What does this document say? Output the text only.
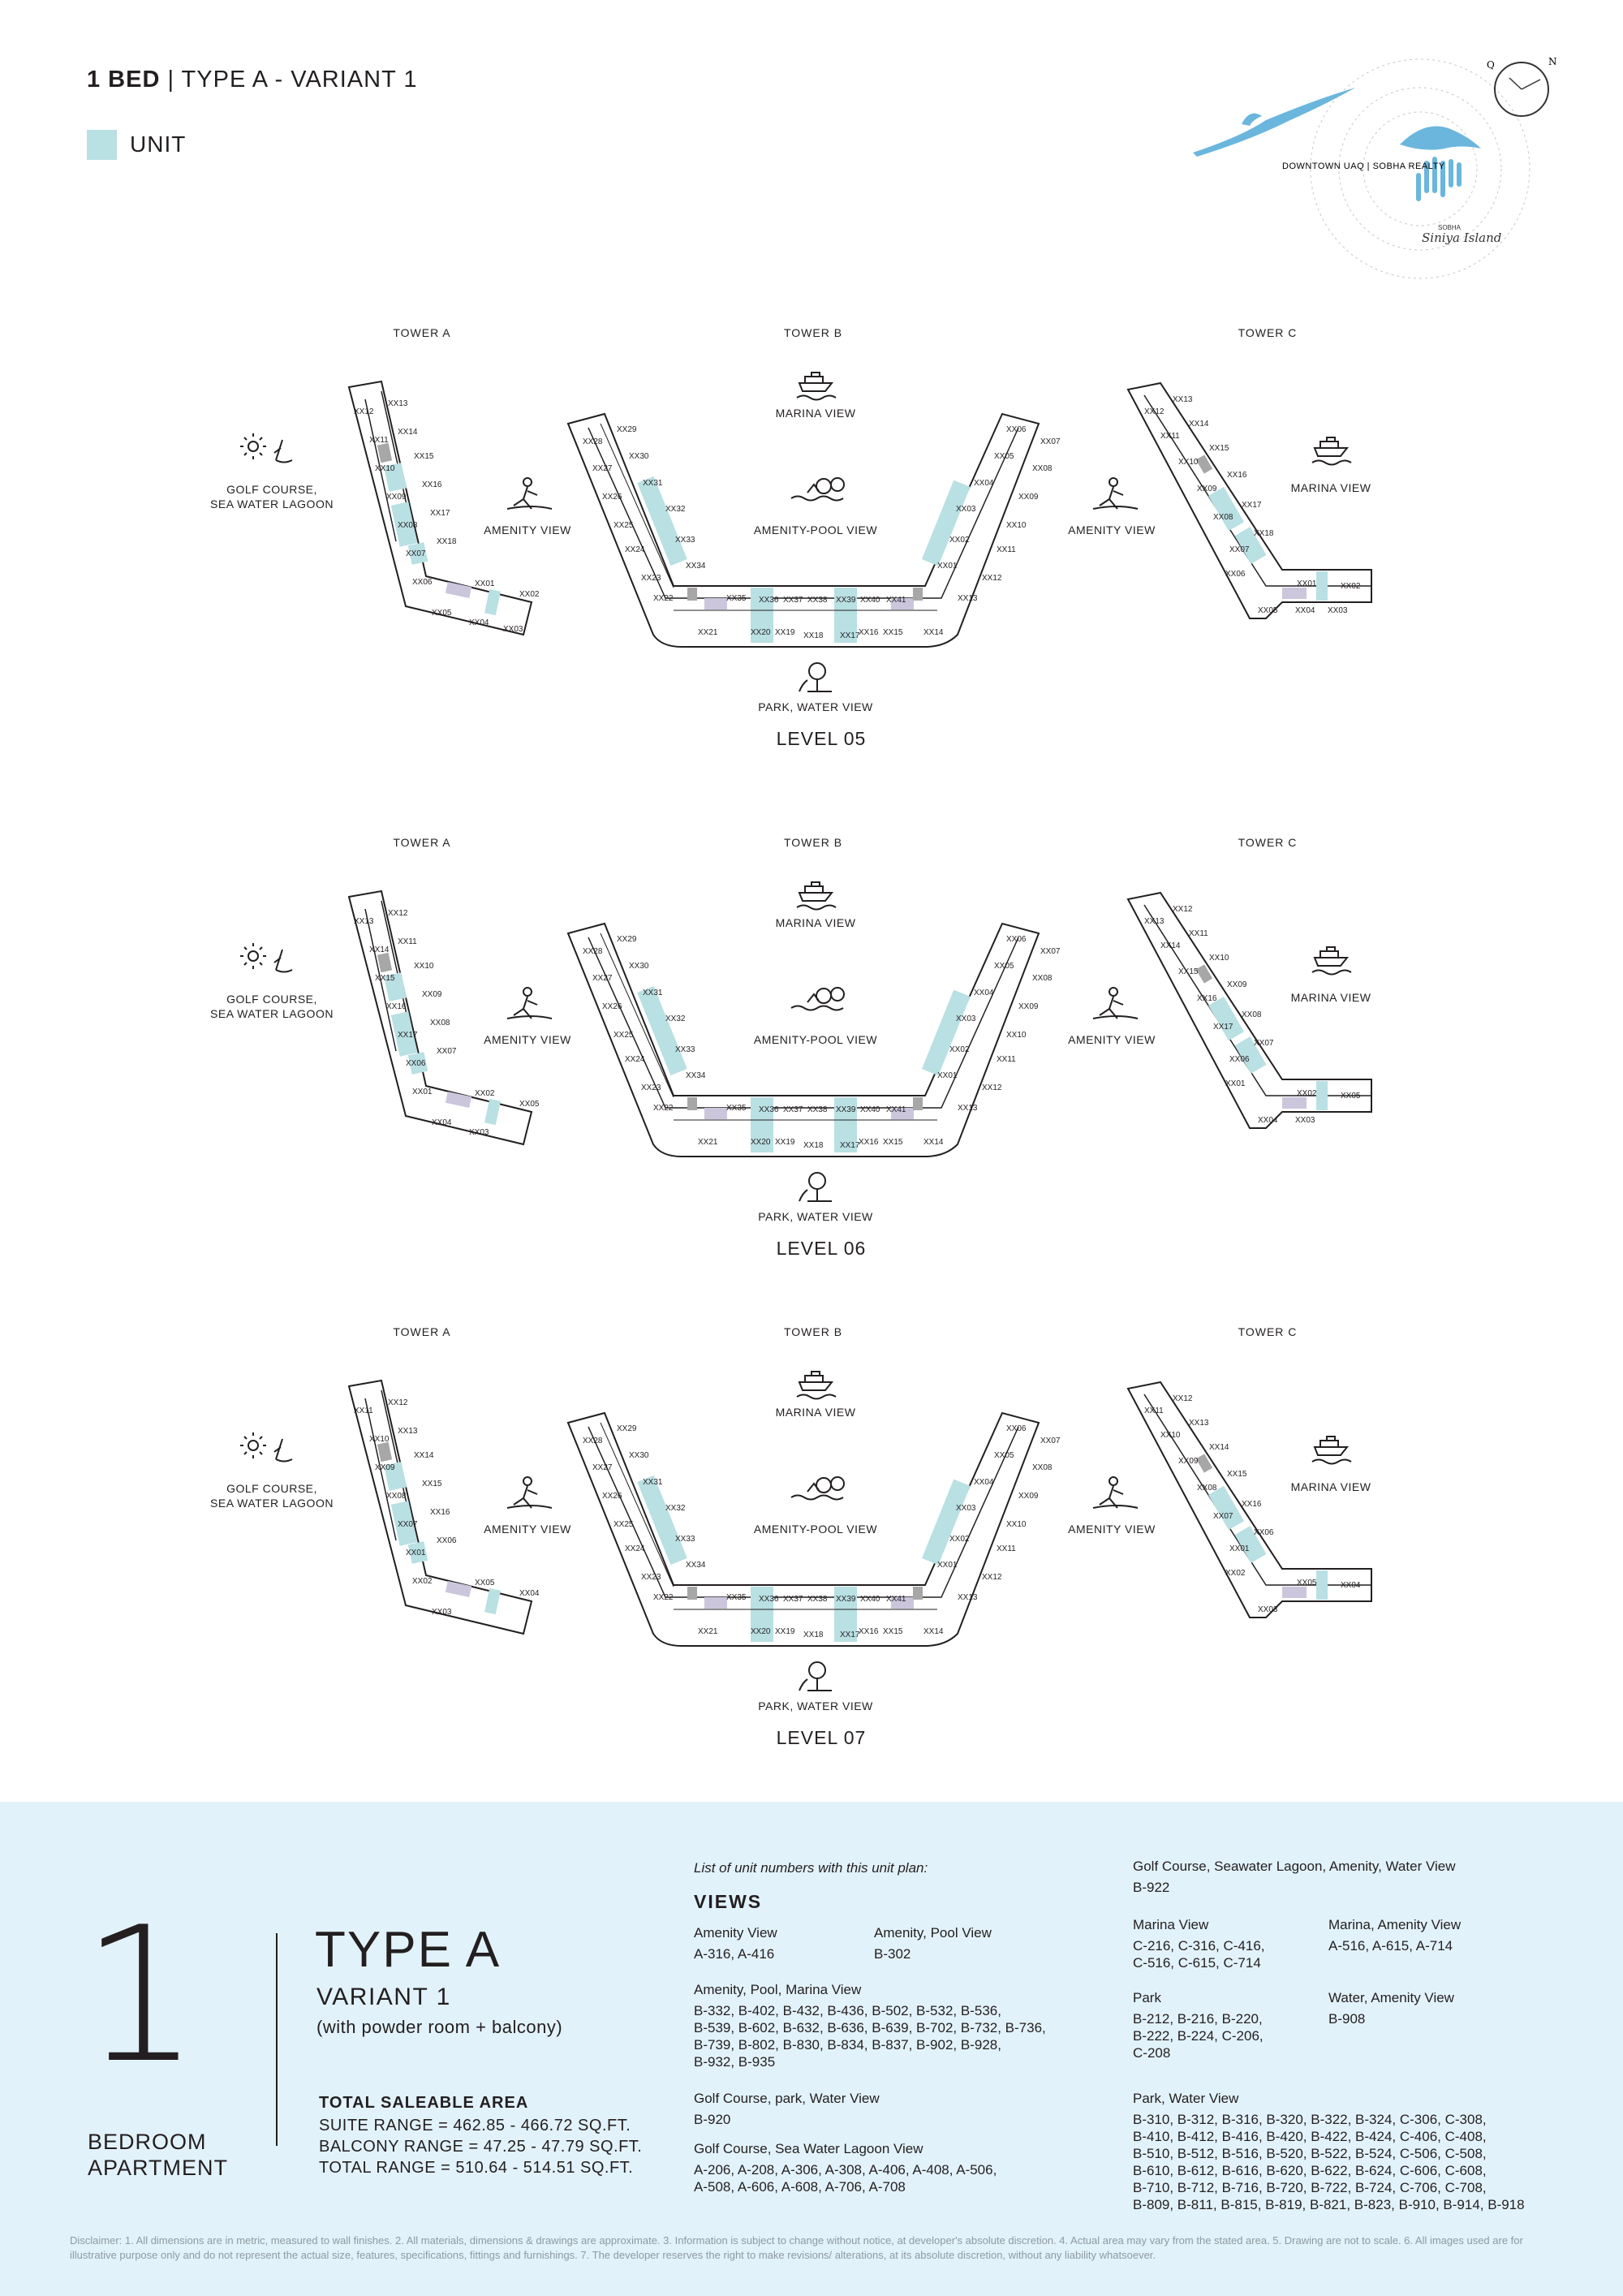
1 BED | TYPE A - VARIANT 1
UNIT
DOWNTOWN UAQ | SOBHA REALTY
SOBHA
Siniya Island
Q	N
TOWER A	TOWER B	TOWER C
GOLF COURSE,
SEA WATER LAGOON
AMENITY VIEW
MARINA VIEW
AMENITY-POOL VIEW	AMENITY VIEW
MARINA VIEW
PARK, WATER VIEW
LEVEL 05
XX13
XX12
XX14
XX11
XX15
XX10
XX16
XX09
XX17
XX08
XX18
XX07
XX06	XX01
XX02
XX05
XX04
XX03
XX29
XX28
XX30
XX27
XX31
XX26
XX32
XX25
XX33
XX24
XX34
XX23
XX22	XX35 XX36 XX37 XX38 XX39 XX40 XX41
XX21	XX20 XX19 XX18 XX17
XX16 XX15	XX14
XX06
XX07
XX05
XX08
XX04
XX09
XX03
XX10
XX02
XX11
XX01
XX12
XX13
XX13
XX12
XX14
XX11
XX15
XX10
XX16
XX09
XX17
XX08
XX18
XX07
XX06
XX01	XX02
XX05 XX04 XX03
TOWER A	TOWER B	TOWER C
GOLF COURSE,
SEA WATER LAGOON
AMENITY VIEW
MARINA VIEW
AMENITY-POOL VIEW	AMENITY VIEW
MARINA VIEW
PARK, WATER VIEW
LEVEL 06
XX12
XX13
XX11
XX14
XX10
XX15
XX09
XX16
XX08
XX17
XX07
XX06
XX01	XX02
XX05
XX04
XX03
XX29
XX28
XX30
XX27
XX31
XX26
XX32
XX25
XX33
XX24
XX34
XX23
XX22	XX35 XX36 XX37 XX38 XX39 XX40 XX41
XX21	XX20 XX19 XX18 XX17
XX16 XX15	XX14
XX06
XX07
XX05
XX08
XX04
XX09
XX03
XX10
XX02
XX11
XX01
XX12
XX13
XX12
XX13
XX11
XX14
XX10
XX15
XX09
XX16
XX08
XX17
XX07
XX06
XX01
XX02	XX05
XX04 XX03
TOWER A	TOWER B	TOWER C
GOLF COURSE,
SEA WATER LAGOON
AMENITY VIEW
MARINA VIEW
AMENITY-POOL VIEW	AMENITY VIEW
MARINA VIEW
PARK, WATER VIEW
LEVEL 07
XX12
XX11
XX13
XX10
XX14
XX09
XX15
XX08
XX16
XX07
XX06
XX01
XX02	XX05
XX04
XX03
XX29
XX28
XX30
XX27
XX31
XX26
XX32
XX25
XX33
XX24
XX34
XX23
XX22	XX35 XX36 XX37 XX38 XX39 XX40 XX41
XX21	XX20 XX19 XX18 XX17
XX16 XX15	XX14
XX06
XX07
XX05
XX08
XX04
XX09
XX03
XX10
XX02
XX11
XX01
XX12
XX13
XX12
XX11
XX13
XX10
XX14
XX09
XX15
XX08
XX16
XX07
XX06
XX01
XX02
XX05	XX04
XX03
1
BEDROOM
APARTMENT
TYPE A
VARIANT 1
(with powder room + balcony)
TOTAL SALEABLE AREA
SUITE RANGE = 462.85 - 466.72 SQ.FT.
BALCONY RANGE = 47.25 - 47.79 SQ.FT.
TOTAL RANGE = 510.64 - 514.51 SQ.FT.
List of unit numbers with this unit plan:
VIEWS
Amenity View
A-316, A-416
Amenity, Pool View
B-302
Amenity, Pool, Marina View
B-332, B-402, B-432, B-436, B-502, B-532, B-536,
B-539, B-602, B-632, B-636, B-639, B-702, B-732, B-736,
B-739, B-802, B-830, B-834, B-837, B-902, B-928,
B-932, B-935
Golf Course, park, Water View
B-920
Golf Course, Sea Water Lagoon View
A-206, A-208, A-306, A-308, A-406, A-408, A-506,
A-508, A-606, A-608, A-706, A-708
Golf Course, Seawater Lagoon, Amenity, Water View
B-922
Marina View
C-216, C-316, C-416,
C-516, C-615, C-714
Marina, Amenity View
A-516, A-615, A-714
Park
B-212, B-216, B-220,
B-222, B-224, C-206,
C-208
Water, Amenity View
B-908
Park, Water View
B-310, B-312, B-316, B-320, B-322, B-324, C-306, C-308,
B-410, B-412, B-416, B-420, B-422, B-424, C-406, C-408,
B-510, B-512, B-516, B-520, B-522, B-524, C-506, C-508,
B-610, B-612, B-616, B-620, B-622, B-624, C-606, C-608,
B-710, B-712, B-716, B-720, B-722, B-724, C-706, C-708,
B-809, B-811, B-815, B-819, B-821, B-823, B-910, B-914, B-918
Disclaimer: 1. All dimensions are in metric, measured to wall finishes. 2. All materials, dimensions & drawings are approximate. 3. Information is subject to change without notice, at developer's absolute discretion. 4. Actual area may vary from the stated area. 5. Drawing are not to scale. 6. All images used are for illustrative purpose only and do not represent the actual size, features, specifications, fittings and furnishings. 7. The developer reserves the right to make revisions/ alterations, at its absolute discretion, without any liability whatsoever.
